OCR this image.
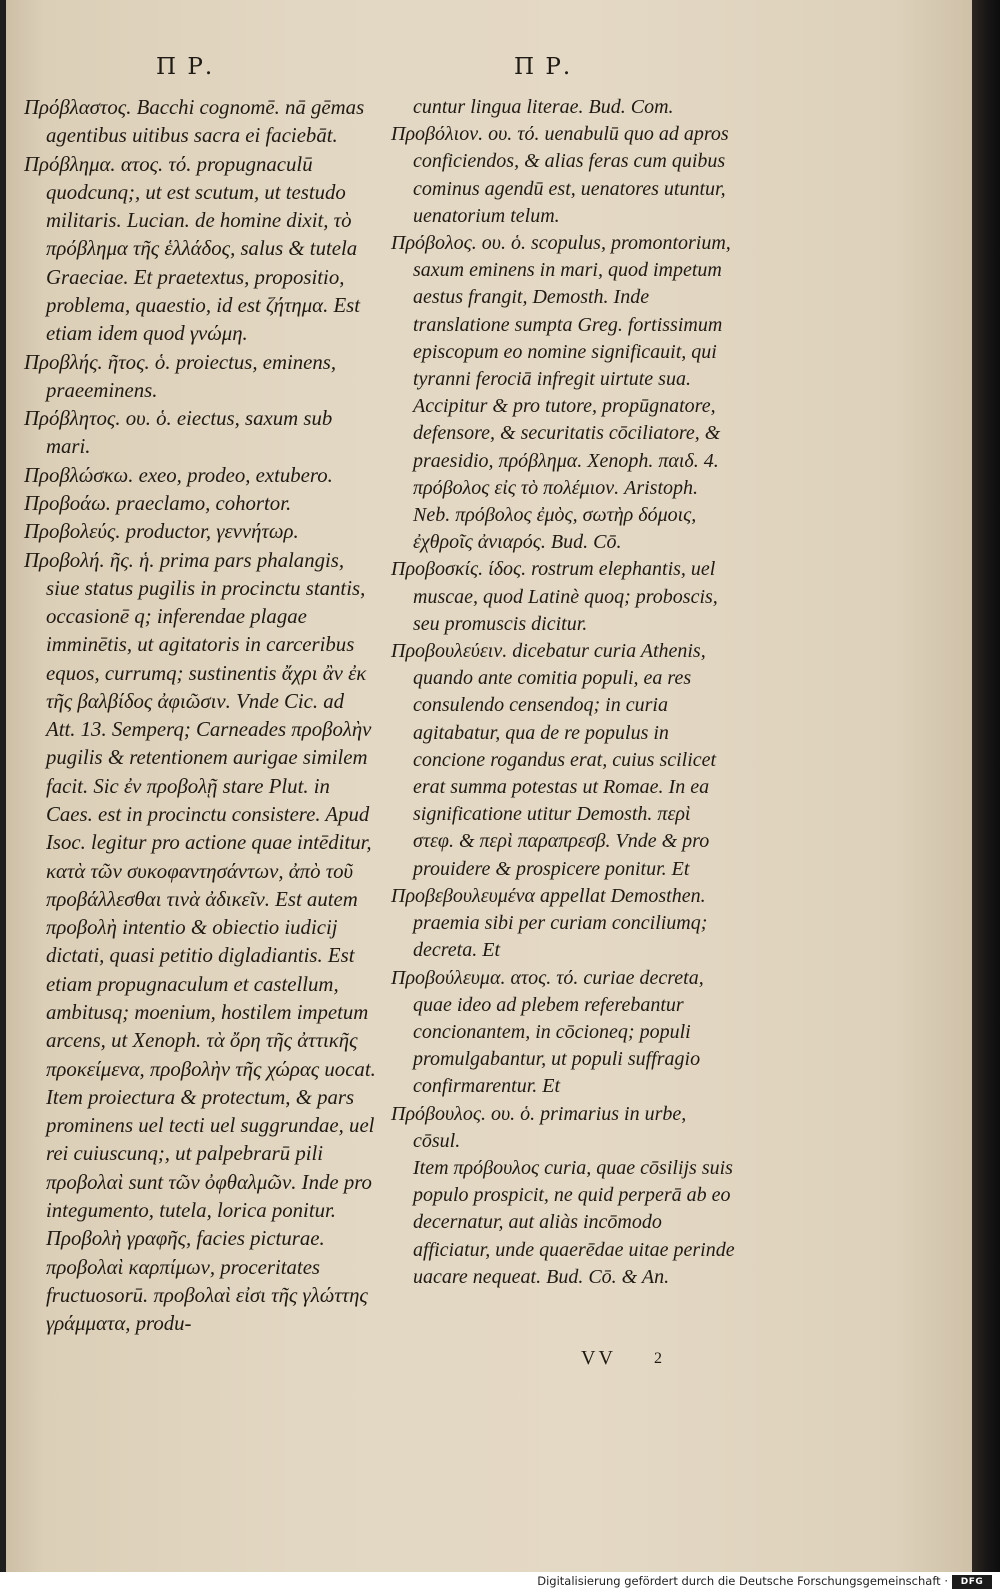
Π Ρ.	Π Ρ.

Πρόβλαστος. Bacchi cognomē. nā gēmas agentibus uitibus sacra ei faciebāt.

Πρόβλημα. ατος. τό. propugnaculū quodcunq;, ut est scutum, ut testudo militaris. Lucian. de homine dixit, τὸ πρόβλημα τῆς ἑλλάδος, salus & tutela Graeciae. Et praetextus, propositio, problema, quaestio, id est ζήτημα. Est etiam idem quod γνώμη.

Προβλής. ῆτος. ὁ. proiectus, eminens, praeeminens.

Πρόβλητος. ου. ὁ. eiectus, saxum sub mari.

Προβλώσκω. exeo, prodeo, extubero.

Προβοάω. praeclamo, cohortor.

Προβολεύς. productor, γεννήτωρ.

Προβολή. ῆς. ἡ. prima pars phalangis, siue status pugilis in procinctu stantis, occasionē q; inferendae plagae imminētis, ut agitatoris in carceribus equos, currumq; sustinentis ἄχρι ἂν ἐκ τῆς βαλβίδος ἀφιῶσιν. Vnde Cic. ad Att. 13. Semperq; Carneades προβολὴν pugilis & retentionem aurigae similem facit. Sic ἐν προβολῇ stare Plut. in Caes. est in procinctu consistere. Apud Isoc. legitur pro actione quae intēditur, κατὰ τῶν συκοφαντησάντων, ἀπὸ τοῦ προβάλλεσθαι τινὰ ἀδικεῖν. Est autem προβολὴ intentio & obiectio iudicij dictati, quasi petitio digladiantis. Est etiam propugnaculum et castellum, ambitusq; moenium, hostilem impetum arcens, ut Xenoph. τὰ ὄρη τῆς ἀττικῆς προκείμενα, προβολὴν τῆς χώρας uocat. Item proiectura & protectum, & pars prominens uel tecti uel suggrundae, uel rei cuiuscunq;, ut palpebrarū pili προβολαὶ sunt τῶν ὀφθαλμῶν. Inde pro integumento, tutela, lorica ponitur. Προβολὴ γραφῆς, facies picturae. προβολαὶ καρπίμων, proceritates fructuosorū. προβολαὶ εἰσι τῆς γλώττης γράμματα, produ-

cuntur lingua literae. Bud. Com.

Προβόλιον. ου. τό. uenabulū quo ad apros conficiendos, & alias feras cum quibus cominus agendū est, uenatores utuntur, uenatorium telum.

Πρόβολος. ου. ὁ. scopulus, promontorium, saxum eminens in mari, quod impetum aestus frangit, Demosth. Inde translatione sumpta Greg. fortissimum episcopum eo nomine significauit, qui tyranni ferociā infregit uirtute sua. Accipitur & pro tutore, propūgnatore, defensore, & securitatis cōciliatore, & praesidio, πρόβλημα. Xenoph. παιδ. 4. πρόβολος εἰς τὸ πολέμιον. Aristoph. Neb. πρόβολος ἐμὸς, σωτὴρ δόμοις, ἐχθροῖς ἀνιαρός. Bud. Cō.

Προβοσκίς. ίδος. rostrum elephantis, uel muscae, quod Latinè quoq; proboscis, seu promuscis dicitur.

Προβουλεύειν. dicebatur curia Athenis, quando ante comitia populi, ea res consulendo censendoq; in curia agitabatur, qua de re populus in concione rogandus erat, cuius scilicet erat summa potestas ut Romae. In ea significatione utitur Demosth. περὶ στεφ. & περὶ παραπρεσβ. Vnde & pro prouidere & prospicere ponitur. Et

Προβεβουλευμένα appellat Demosthen. praemia sibi per curiam conciliumq; decreta. Et

Προβούλευμα. ατος. τό. curiae decreta, quae ideo ad plebem referebantur concionantem, in cōcioneq; populi promulgabantur, ut populi suffragio confirmarentur. Et

Πρόβουλος. ου. ὁ. primarius in urbe, cōsul.

Item πρόβουλος curia, quae cōsilijs suis populo prospicit, ne quid perperā ab eo decernatur, aut aliàs incōmodo afficiatur, unde quaerēdae uitae perinde uacare nequeat. Bud. Cō. & An.

VV 2
Digitalisierung gefördert durch die Deutsche Forschungsgemeinschaft ·	DFG
